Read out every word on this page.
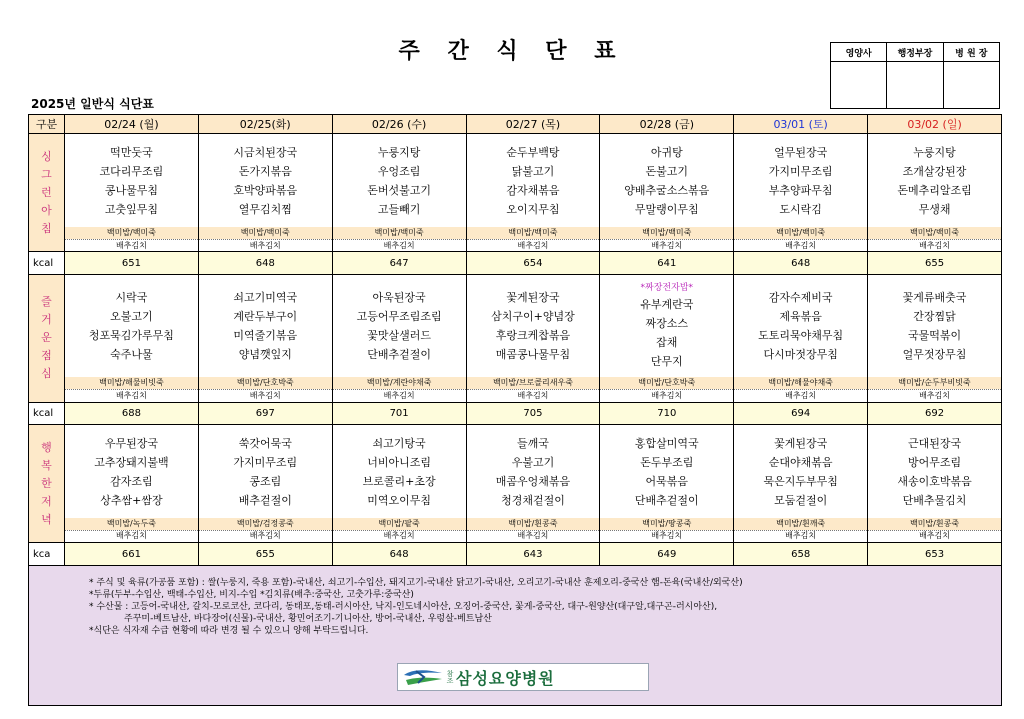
주 간 식 단 표	영양사	행정부장	병 원 장

2025년 일반식 식단표
구분	02/24 (월)	02/25(화)	02/26 (수)	02/27 (목)	02/28 (금)	03/01 (토)	03/02 (일)

싱
그
런
아
침	떡만둣국
코다리무조림
콩나물무침
고춧잎무침	시금치된장국
돈가지볶음
호박양파볶음
열무김치찜	누룽지탕
우엉조림
돈버섯불고기
고들빼기	순두부백탕
닭불고기
감자채볶음
오이지무침	아귀탕
돈불고기
양배추굴소스볶음
무말랭이무침	얼무된장국
가지미무조림
부추양파무침
도시락김	누룽지탕
조개살강된장
돈메추리알조림
무생채

	백미밥/백미죽	백미밥/백미죽	백미밥/백미죽	백미밥/백미죽	백미밥/백미죽	백미밥/백미죽	백미밥/백미죽
	배추김치	배추김치	배추김치	배추김치	배추김치	배추김치	배추김치
kcal	651	648	647	654	641	648	655

즐
거
운
점
심	시락국
오불고기
청포묵김가루무침
숙주나물	쇠고기미역국
계란두부구이
미역줄기볶음
양념깻잎지	아욱된장국
고등어무조림조림
꽃맛살샐러드
단배추겉절이	꽃게된장국
삼치구이+양념장
후랑크케찹볶음
매콤콩나물무침	*짜장전자밥*
유부계란국
짜장소스
잡채
단무지	감자수제비국
제육볶음
도토리묵야채무침
다시마젓장무침	꽃게류배춧국
간장찜닭
국물떡볶이
얼무젓장무침

	백미밥/해물비빗죽	백미밥/단호박죽	백미밥/계란야채죽	백미밥/브로콜리새우죽	백미밥/단호박죽	백미밥/해물야채죽	백미밥/순두부비빗죽
	배추김치	배추김치	배추김치	배추김치	배추김치	배추김치	배추김치
kcal	688	697	701	705	710	694	692

행
복
한
저
녁	우무된장국
고추장돼지불백
감자조림
상추쌈+쌈장	쑥갓어묵국
가지미무조림
콩조림
배추겉절이	쇠고기탕국
너비아니조림
브로콜리+초장
미역오이무침	들깨국
우불고기
매콤우엉채볶음
청경채겉절이	홍합살미역국
돈두부조림
어묵볶음
단배추겉절이	꽃게된장국
순대야채볶음
묵은지두부무침
모둠겉절이	근대된장국
방어무조림
새송이호박볶음
단배추물김치

	백미밥/녹두죽	백미밥/검정콩죽	백미밥/팥죽	백미밥/흰콩죽	백미밥/땅콩죽	백미밥/흰깨죽	백미밥/흰콩죽
	배추김치	배추김치	배추김치	배추김치	배추김치	배추김치	배추김치
kca	661	655	648	643	649	658	653
* 주식 및 육류(가공품 포함) : 쌀(누룽지, 죽용 포함)-국내산, 쇠고기-수입산, 돼지고기-국내산 닭고기-국내산, 오리고기-국내산 훈제오리-중국산 햄-돈육(국내산/외국산)
*두류(두부-수입산, 백태-수입산, 비지-수입 *김치류(배추:중국산, 고춧가루:중국산)
* 수산물 : 고등어-국내산, 갈치-모로코산, 코다리, 동태포,동태-러시아산, 낙지-인도네시아산, 오징어-중국산, 꽃게-중국산, 대구-원양산(대구알,대구곤-러시아산),
주꾸미-베트남산, 바다장어(신물)-국내산, 황민어조기-기니아산, 방어-국내산, 우렁살-베트남산
*식단은 식자재 수급 현황에 따라 변경 될 수 있으니 양해 부탁드립니다.
참조 삼성요양병원
